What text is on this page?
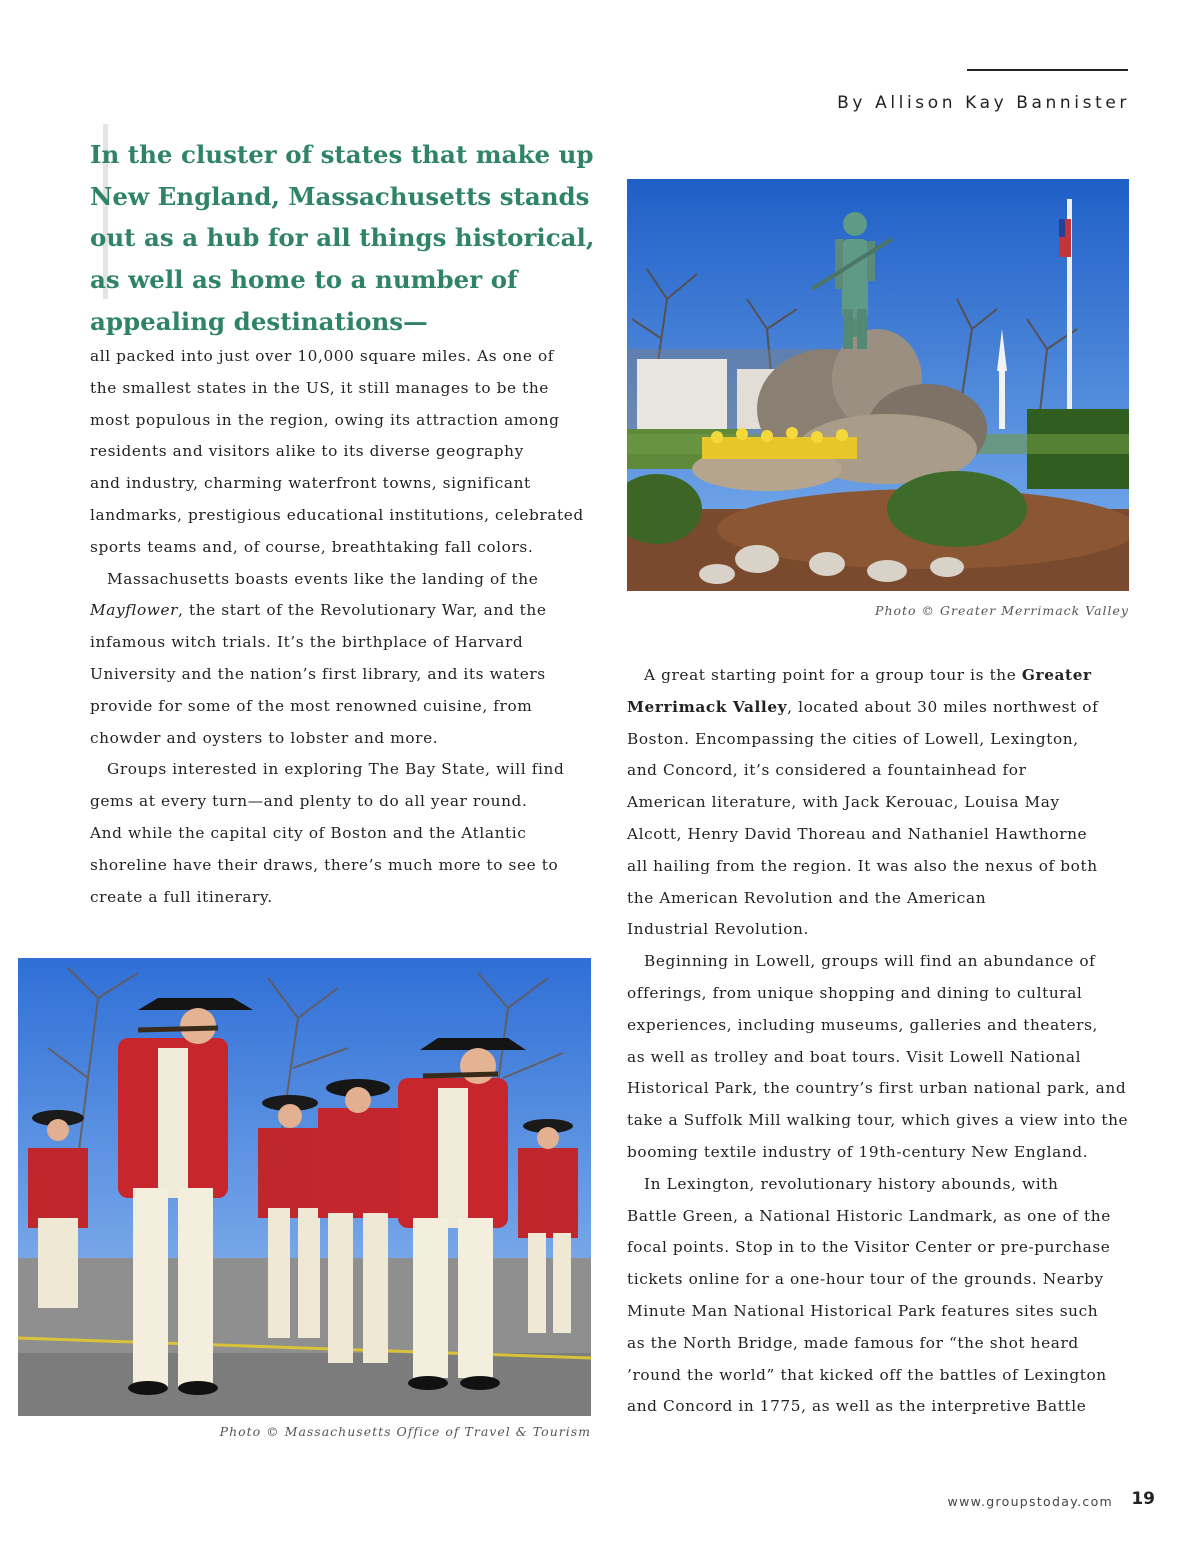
By Allison Kay Bannister

In the cluster of states that make up New England, Massachusetts stands out as a hub for all things historical, as well as home to a number of appealing destinations—

all packed into just over 10,000 square miles. As one of
the smallest states in the US, it still manages to be the
most populous in the region, owing its attraction among
residents and visitors alike to its diverse geography
and industry, charming waterfront towns, significant
landmarks, prestigious educational institutions, celebrated
sports teams and, of course, breathtaking fall colors.

Massachusetts boasts events like the landing of the
Mayflower, the start of the Revolutionary War, and the
infamous witch trials. It’s the birthplace of Harvard
University and the nation’s first library, and its waters
provide for some of the most renowned cuisine, from
chowder and oysters to lobster and more.

Groups interested in exploring The Bay State, will find
gems at every turn—and plenty to do all year round.
And while the capital city of Boston and the Atlantic
shoreline have their draws, there’s much more to see to
create a full itinerary.

Photo © Greater Merrimack Valley

A great starting point for a group tour is the Greater
Merrimack Valley, located about 30 miles northwest of
Boston. Encompassing the cities of Lowell, Lexington,
and Concord, it’s considered a fountainhead for
American literature, with Jack Kerouac, Louisa May
Alcott, Henry David Thoreau and Nathaniel Hawthorne
all hailing from the region. It was also the nexus of both
the American Revolution and the American
Industrial Revolution.

Beginning in Lowell, groups will find an abundance of
offerings, from unique shopping and dining to cultural
experiences, including museums, galleries and theaters,
as well as trolley and boat tours. Visit Lowell National
Historical Park, the country’s first urban national park, and
take a Suffolk Mill walking tour, which gives a view into the
booming textile industry of 19th-century New England.

In Lexington, revolutionary history abounds, with
Battle Green, a National Historic Landmark, as one of the
focal points. Stop in to the Visitor Center or pre-purchase
tickets online for a one-hour tour of the grounds. Nearby
Minute Man National Historical Park features sites such
as the North Bridge, made famous for “the shot heard
’round the world” that kicked off the battles of Lexington
and Concord in 1775, as well as the interpretive Battle

Photo © Massachusetts Office of Travel & Tourism
www.groupstoday.com 19
